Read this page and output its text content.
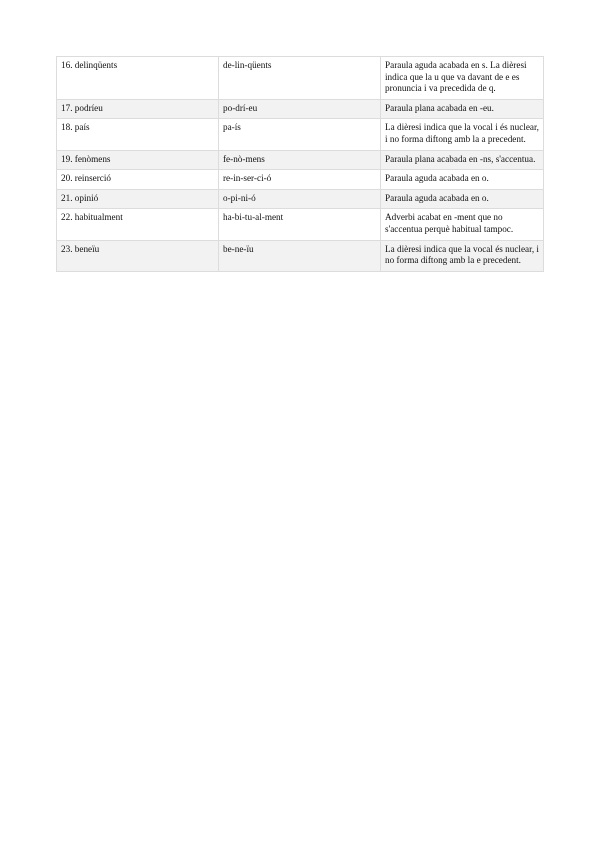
16. delinqüents	de-lin-qüents	Paraula aguda acabada en s. La dièresi indica que la u que va davant de e es pronuncia i va precedida de q.
17. podríeu	po-drí-eu	Paraula plana acabada en -eu.
18. país	pa-ís	La dièresi indica que la vocal i és nuclear, i no forma diftong amb la a precedent.
19. fenòmens	fe-nò-mens	Paraula plana acabada en -ns, s'accentua.
20. reinserció	re-in-ser-ci-ó	Paraula aguda acabada en o.
21. opinió	o-pi-ni-ó	Paraula aguda acabada en o.
22. habitualment	ha-bi-tu-al-ment	Adverbi acabat en -ment que no s'accentua perquè habitual tampoc.
23. beneïu	be-ne-ïu	La dièresi indica que la vocal és nuclear, i no forma diftong amb la e precedent.
